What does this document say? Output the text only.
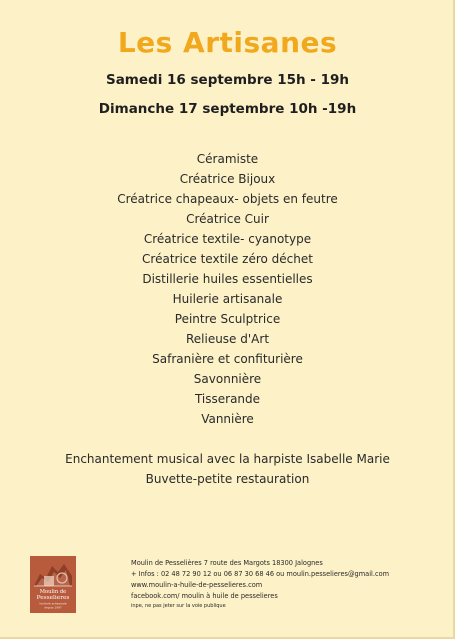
Les Artisanes
Samedi 16 septembre 15h - 19h
Dimanche 17 septembre 10h -19h
Céramiste
Créatrice Bijoux
Créatrice chapeaux- objets en feutre
Créatrice Cuir
Créatrice textile- cyanotype
Créatrice textile zéro déchet
Distillerie huiles essentielles
Huilerie artisanale
Peintre Sculptrice
Relieuse d'Art
Safranière et confiturière
Savonnière
Tisserande
Vannière
Enchantement musical avec la harpiste Isabelle Marie
Buvette-petite restauration
Moulin de
Pesselieres
huilerie artisanale
depuis 1997
Moulin de Pesselières 7 route des Margots 18300 Jalognes
+ Infos : 02 48 72 90 12 ou 06 87 30 68 46 ou moulin.pesselieres@gmail.com
www.moulin-a-huile-de-pesselieres.com
facebook.com/ moulin à huile de pesselieres
inpe, ne pas jeter sur la voie publique
